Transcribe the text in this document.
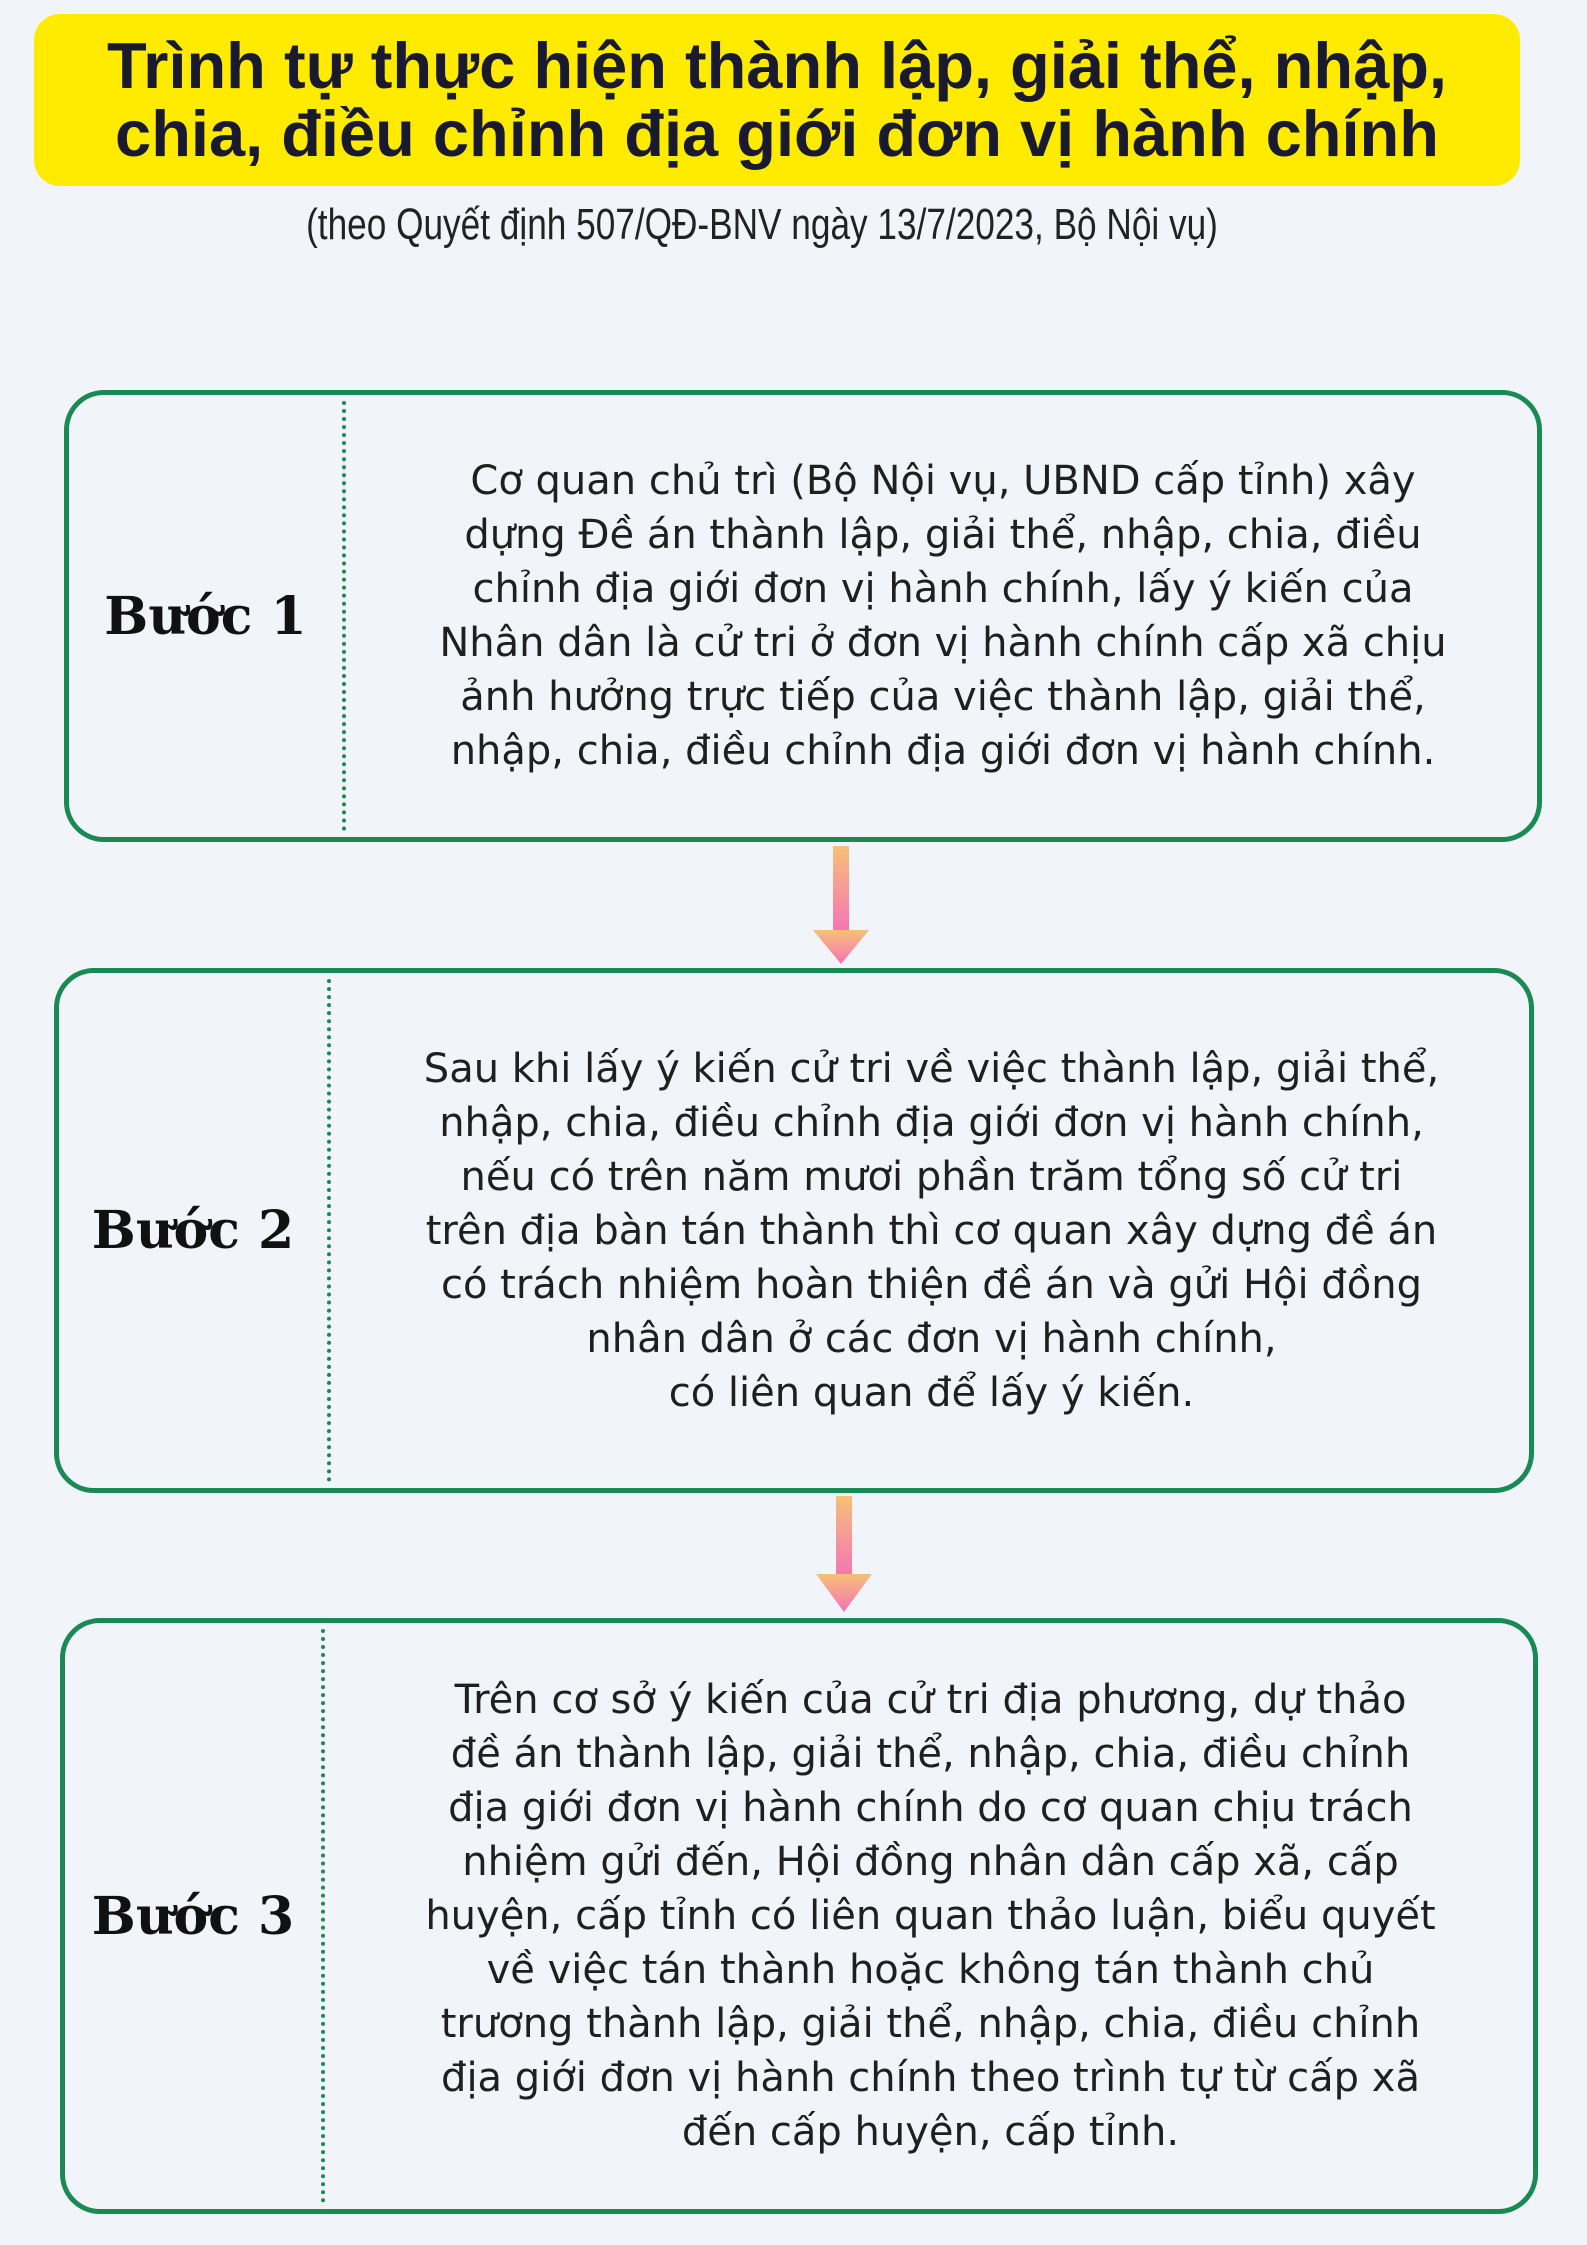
Trình tự thực hiện thành lập, giải thể, nhập,
chia, điều chỉnh địa giới đơn vị hành chính
(theo Quyết định 507/QĐ-BNV ngày 13/7/2023, Bộ Nội vụ)
Bước 1
Cơ quan chủ trì (Bộ Nội vụ, UBND cấp tỉnh) xây
dựng Đề án thành lập, giải thể, nhập, chia, điều
chỉnh địa giới đơn vị hành chính, lấy ý kiến của
Nhân dân là cử tri ở đơn vị hành chính cấp xã chịu
ảnh hưởng trực tiếp của việc thành lập, giải thể,
nhập, chia, điều chỉnh địa giới đơn vị hành chính.
Bước 2
Sau khi lấy ý kiến cử tri về việc thành lập, giải thể,
nhập, chia, điều chỉnh địa giới đơn vị hành chính,
nếu có trên năm mươi phần trăm tổng số cử tri
trên địa bàn tán thành thì cơ quan xây dựng đề án
có trách nhiệm hoàn thiện đề án và gửi Hội đồng
nhân dân ở các đơn vị hành chính,
có liên quan để lấy ý kiến.
Bước 3
Trên cơ sở ý kiến của cử tri địa phương, dự thảo
đề án thành lập, giải thể, nhập, chia, điều chỉnh
địa giới đơn vị hành chính do cơ quan chịu trách
nhiệm gửi đến, Hội đồng nhân dân cấp xã, cấp
huyện, cấp tỉnh có liên quan thảo luận, biểu quyết
về việc tán thành hoặc không tán thành chủ
trương thành lập, giải thể, nhập, chia, điều chỉnh
địa giới đơn vị hành chính theo trình tự từ cấp xã
đến cấp huyện, cấp tỉnh.
